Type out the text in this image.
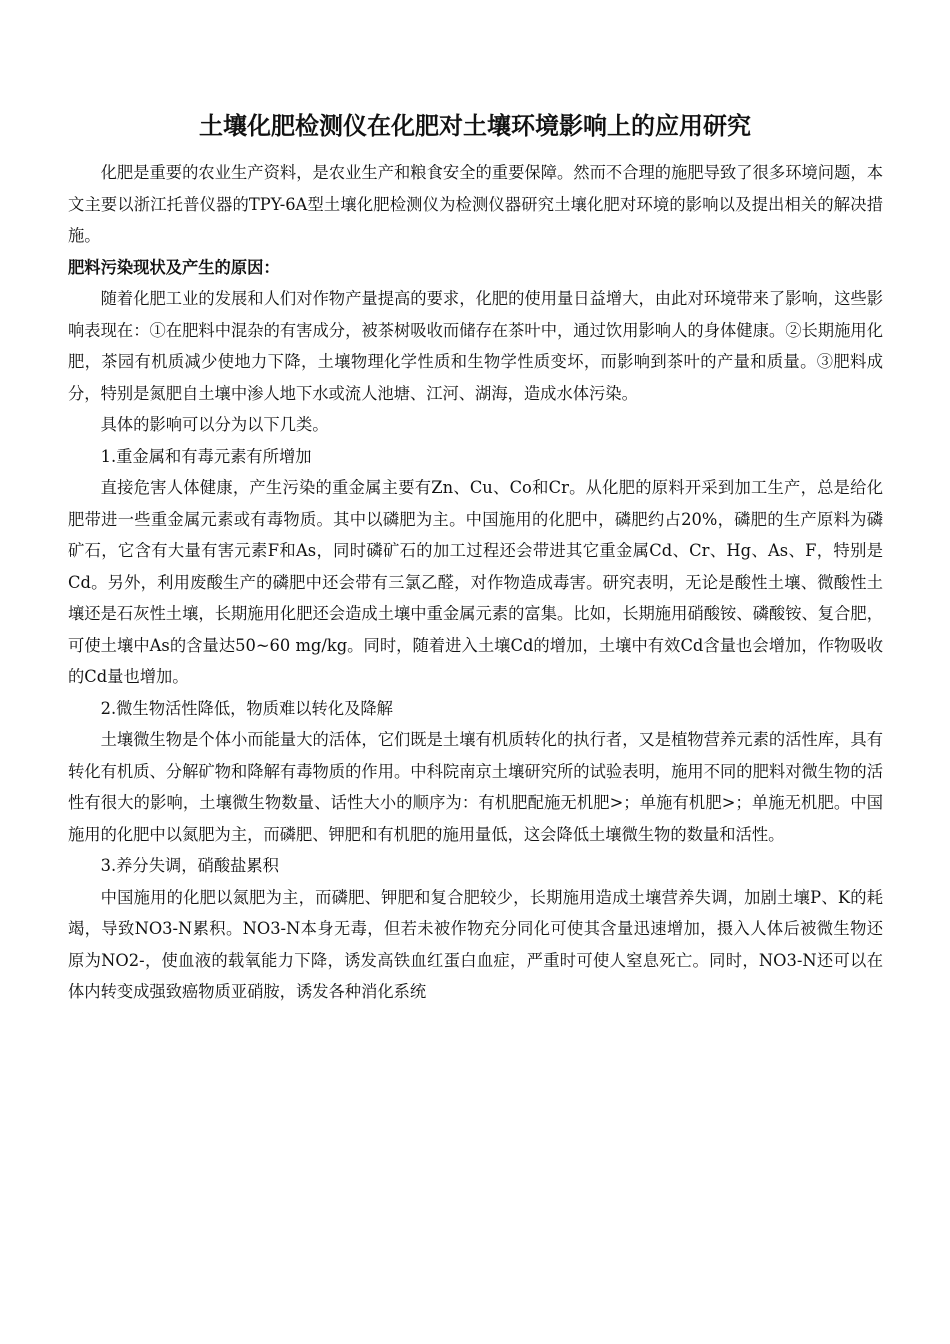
土壤化肥检测仪在化肥对土壤环境影响上的应用研究

化肥是重要的农业生产资料，是农业生产和粮食安全的重要保障。然而不合理的施肥导致了很多环境问题，本文主要以浙江托普仪器的TPY-6A型土壤化肥检测仪为检测仪器研究土壤化肥对环境的影响以及提出相关的解决措施。

肥料污染现状及产生的原因：

随着化肥工业的发展和人们对作物产量提高的要求，化肥的使用量日益增大，由此对环境带来了影响，这些影响表现在：①在肥料中混杂的有害成分，被茶树吸收而储存在茶叶中，通过饮用影响人的身体健康。②长期施用化肥，茶园有机质减少使地力下降，土壤物理化学性质和生物学性质变坏，而影响到茶叶的产量和质量。③肥料成分，特别是氮肥自土壤中渗人地下水或流人池塘、江河、湖海，造成水体污染。

具体的影响可以分为以下几类。

1.重金属和有毒元素有所增加

直接危害人体健康，产生污染的重金属主要有Zn、Cu、Co和Cr。从化肥的原料开采到加工生产，总是给化肥带进一些重金属元素或有毒物质。其中以磷肥为主。中国施用的化肥中，磷肥约占20%，磷肥的生产原料为磷矿石，它含有大量有害元素F和As，同时磷矿石的加工过程还会带进其它重金属Cd、Cr、Hg、As、F，特别是Cd。另外，利用废酸生产的磷肥中还会带有三氯乙醛，对作物造成毒害。研究表明，无论是酸性土壤、微酸性土壤还是石灰性土壤，长期施用化肥还会造成土壤中重金属元素的富集。比如，长期施用硝酸铵、磷酸铵、复合肥，可使土壤中As的含量达50~60 mg/kg。同时，随着进入土壤Cd的增加，土壤中有效Cd含量也会增加，作物吸收的Cd量也增加。

2.微生物活性降低，物质难以转化及降解

土壤微生物是个体小而能量大的活体，它们既是土壤有机质转化的执行者，又是植物营养元素的活性库，具有转化有机质、分解矿物和降解有毒物质的作用。中科院南京土壤研究所的试验表明，施用不同的肥料对微生物的活性有很大的影响，土壤微生物数量、话性大小的顺序为：有机肥配施无机肥>；单施有机肥>；单施无机肥。中国施用的化肥中以氮肥为主，而磷肥、钾肥和有机肥的施用量低，这会降低土壤微生物的数量和活性。

3.养分失调，硝酸盐累积

中国施用的化肥以氮肥为主，而磷肥、钾肥和复合肥较少，长期施用造成土壤营养失调，加剧土壤P、K的耗竭，导致NO3-N累积。NO3-N本身无毒，但若未被作物充分同化可使其含量迅速增加，摄入人体后被微生物还原为NO2-，使血液的载氧能力下降，诱发高铁血红蛋白血症，严重时可使人窒息死亡。同时，NO3-N还可以在体内转变成强致癌物质亚硝胺，诱发各种消化系统
